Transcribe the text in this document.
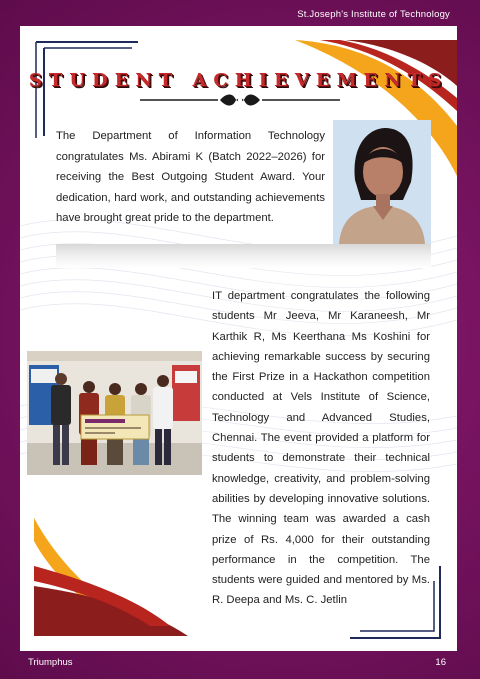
St.Joseph's Institute of Technology
STUDENT ACHIEVEMENTS
The Department of Information Technology congratulates Ms. Abirami K (Batch 2022–2026) for receiving the Best Outgoing Student Award. Your dedication, hard work, and outstanding achievements have brought great pride to the department.
IT department congratulates the following students Mr Jeeva, Mr Karaneesh, Mr Karthik R, Ms Keerthana Ms Koshini for achieving remarkable success by securing the First Prize in a Hackathon competition conducted at Vels Institute of Science, Technology and Advanced Studies, Chennai. The event provided a platform for students to demonstrate their technical knowledge, creativity, and problem-solving abilities by developing innovative solutions. The winning team was awarded a cash prize of Rs. 4,000 for their outstanding performance in the competition. The students were guided and mentored by Ms. R. Deepa and Ms. C. Jetlin
Triumphus	16
